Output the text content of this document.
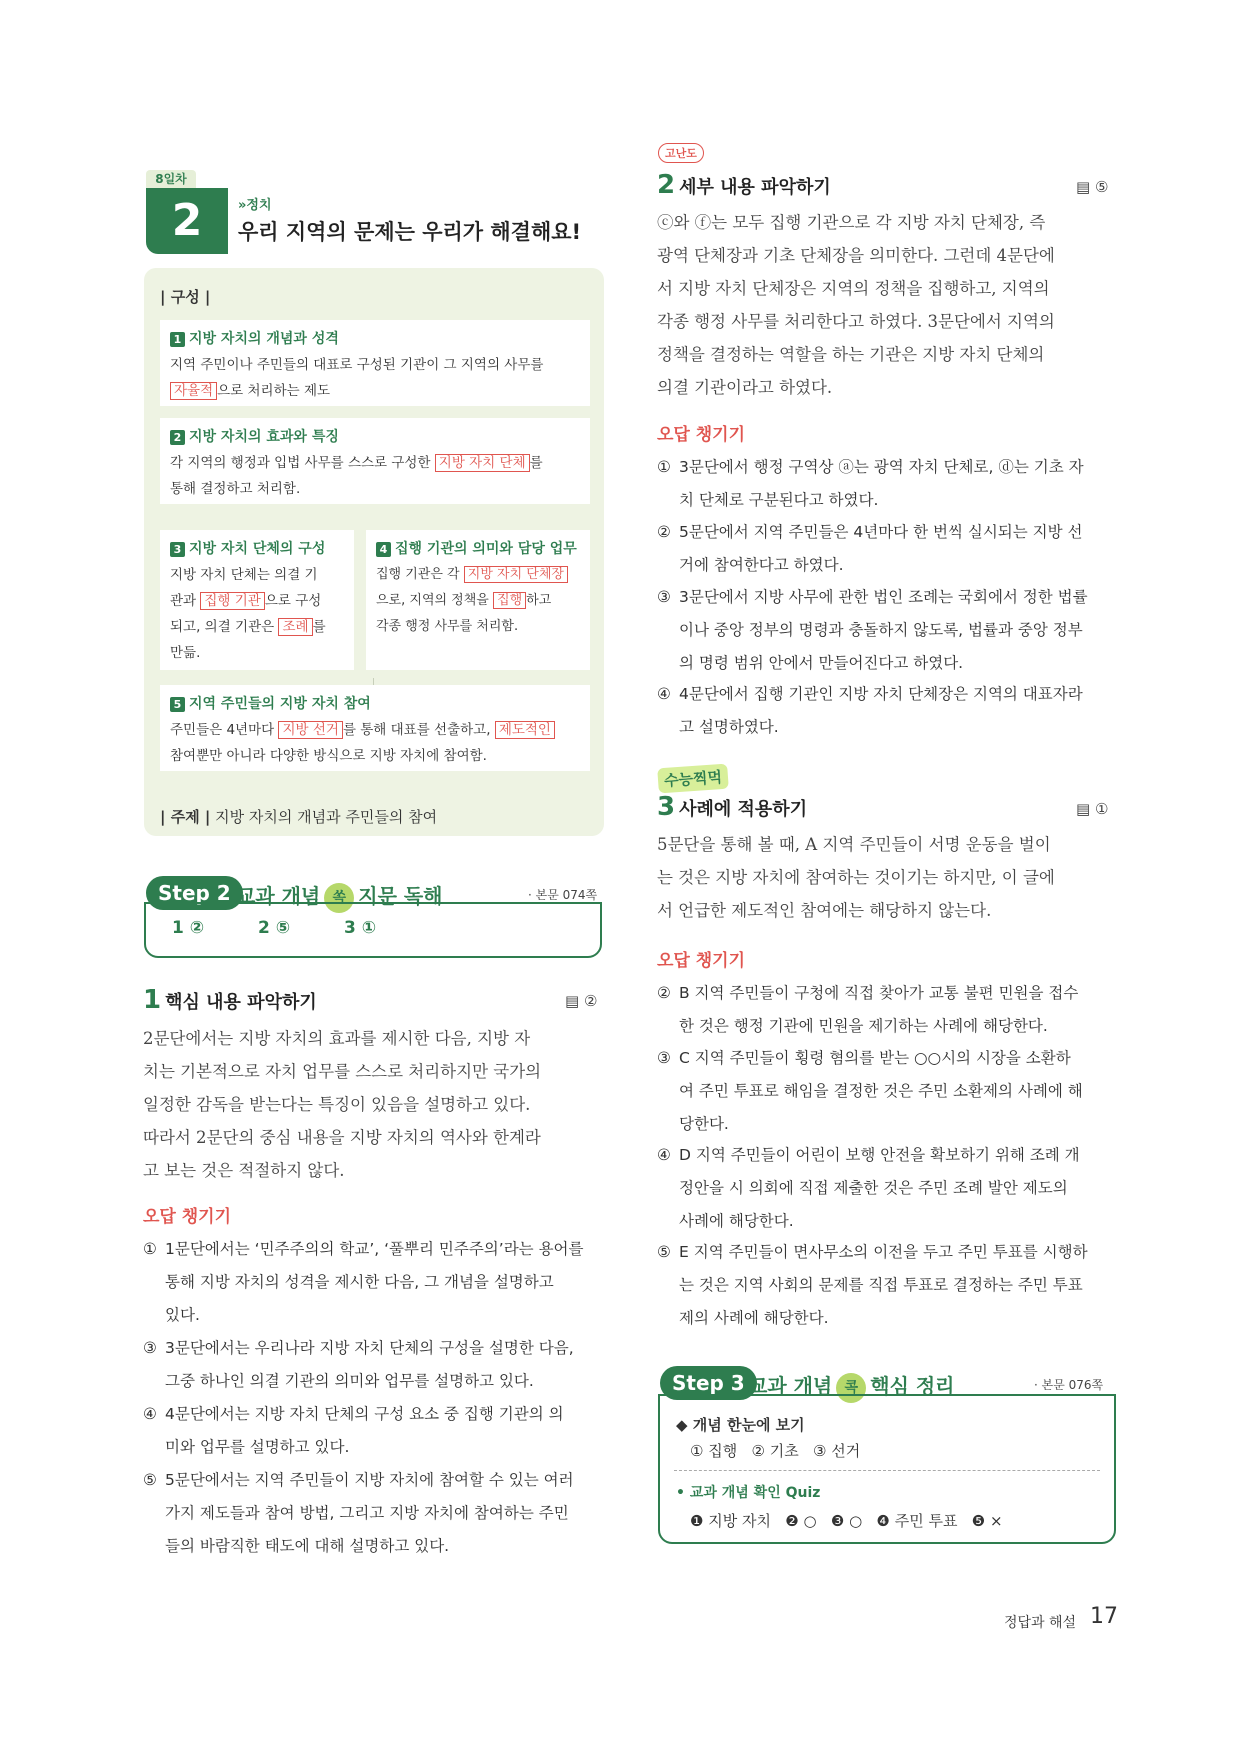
8일차
2	»정치
우리 지역의 문제는 우리가 해결해요!
| 구성 |
1 지방 자치의 개념과 성격
지역 주민이나 주민들의 대표로 구성된 기관이 그 지역의 사무를
자율적 으로 처리하는 제도
2 지방 자치의 효과와 특징
각 지역의 행정과 입법 사무를 스스로 구성한 지방 자치 단체 를
통해 결정하고 처리함.
3 지방 자치 단체의 구성
지방 자치 단체는 의결 기
관과 집행 기관 으로 구성
되고, 의결 기관은 조례 를
만듦.
4 집행 기관의 의미와 담당 업무
집행 기관은 각 지방 자치 단체장
으로, 지역의 정책을 집행 하고
각종 행정 사무를 처리함.
5 지역 주민들의 지방 자치 참여
주민들은 4년마다 지방 선거 를 통해 대표를 선출하고, 제도적인
참여뿐만 아니라 다양한 방식으로 지방 자치에 참여함.
| 주제 | 지방 자치의 개념과 주민들의 참여
Step 2 교과 개념 쏙 지문 독해	· 본문 074쪽
1 ②	2 ⑤	3 ①
1 핵심 내용 파악하기	▤ ②
2문단에서는 지방 자치의 효과를 제시한 다음, 지방 자
치는 기본적으로 자치 업무를 스스로 처리하지만 국가의
일정한 감독을 받는다는 특징이 있음을 설명하고 있다.
따라서 2문단의 중심 내용을 지방 자치의 역사와 한계라
고 보는 것은 적절하지 않다.
오답 챙기기
① 1문단에서는 ‘민주주의의 학교’, ‘풀뿌리 민주주의’라는 용어를
통해 지방 자치의 성격을 제시한 다음, 그 개념을 설명하고
있다.
③ 3문단에서는 우리나라 지방 자치 단체의 구성을 설명한 다음,
그중 하나인 의결 기관의 의미와 업무를 설명하고 있다.
④ 4문단에서는 지방 자치 단체의 구성 요소 중 집행 기관의 의
미와 업무를 설명하고 있다.
⑤ 5문단에서는 지역 주민들이 지방 자치에 참여할 수 있는 여러
가지 제도들과 참여 방법, 그리고 지방 자치에 참여하는 주민
들의 바람직한 태도에 대해 설명하고 있다.
고난도
2 세부 내용 파악하기	▤ ⑤
ⓒ와 ⓕ는 모두 집행 기관으로 각 지방 자치 단체장, 즉
광역 단체장과 기초 단체장을 의미한다. 그런데 4문단에
서 지방 자치 단체장은 지역의 정책을 집행하고, 지역의
각종 행정 사무를 처리한다고 하였다. 3문단에서 지역의
정책을 결정하는 역할을 하는 기관은 지방 자치 단체의
의결 기관이라고 하였다.
오답 챙기기
① 3문단에서 행정 구역상 ⓐ는 광역 자치 단체로, ⓓ는 기초 자
치 단체로 구분된다고 하였다.
② 5문단에서 지역 주민들은 4년마다 한 번씩 실시되는 지방 선
거에 참여한다고 하였다.
③ 3문단에서 지방 사무에 관한 법인 조례는 국회에서 정한 법률
이나 중앙 정부의 명령과 충돌하지 않도록, 법률과 중앙 정부
의 명령 범위 안에서 만들어진다고 하였다.
④ 4문단에서 집행 기관인 지방 자치 단체장은 지역의 대표자라
고 설명하였다.
수능찍먹
3 사례에 적용하기	▤ ①
5문단을 통해 볼 때, A 지역 주민들이 서명 운동을 벌이
는 것은 지방 자치에 참여하는 것이기는 하지만, 이 글에
서 언급한 제도적인 참여에는 해당하지 않는다.
오답 챙기기
② B 지역 주민들이 구청에 직접 찾아가 교통 불편 민원을 접수
한 것은 행정 기관에 민원을 제기하는 사례에 해당한다.
③ C 지역 주민들이 횡령 혐의를 받는 ○○시의 시장을 소환하
여 주민 투표로 해임을 결정한 것은 주민 소환제의 사례에 해
당한다.
④ D 지역 주민들이 어린이 보행 안전을 확보하기 위해 조례 개
정안을 시 의회에 직접 제출한 것은 주민 조례 발안 제도의
사례에 해당한다.
⑤ E 지역 주민들이 면사무소의 이전을 두고 주민 투표를 시행하
는 것은 지역 사회의 문제를 직접 투표로 결정하는 주민 투표
제의 사례에 해당한다.
Step 3 교과 개념 콕 핵심 정리	· 본문 076쪽
◆ 개념 한눈에 보기
① 집행   ② 기초   ③ 선거
• 교과 개념 확인 Quiz
❶ 지방 자치 ❷ ○ ❸ ○ ❹ 주민 투표 ❺ ×
정답과 해설 17
